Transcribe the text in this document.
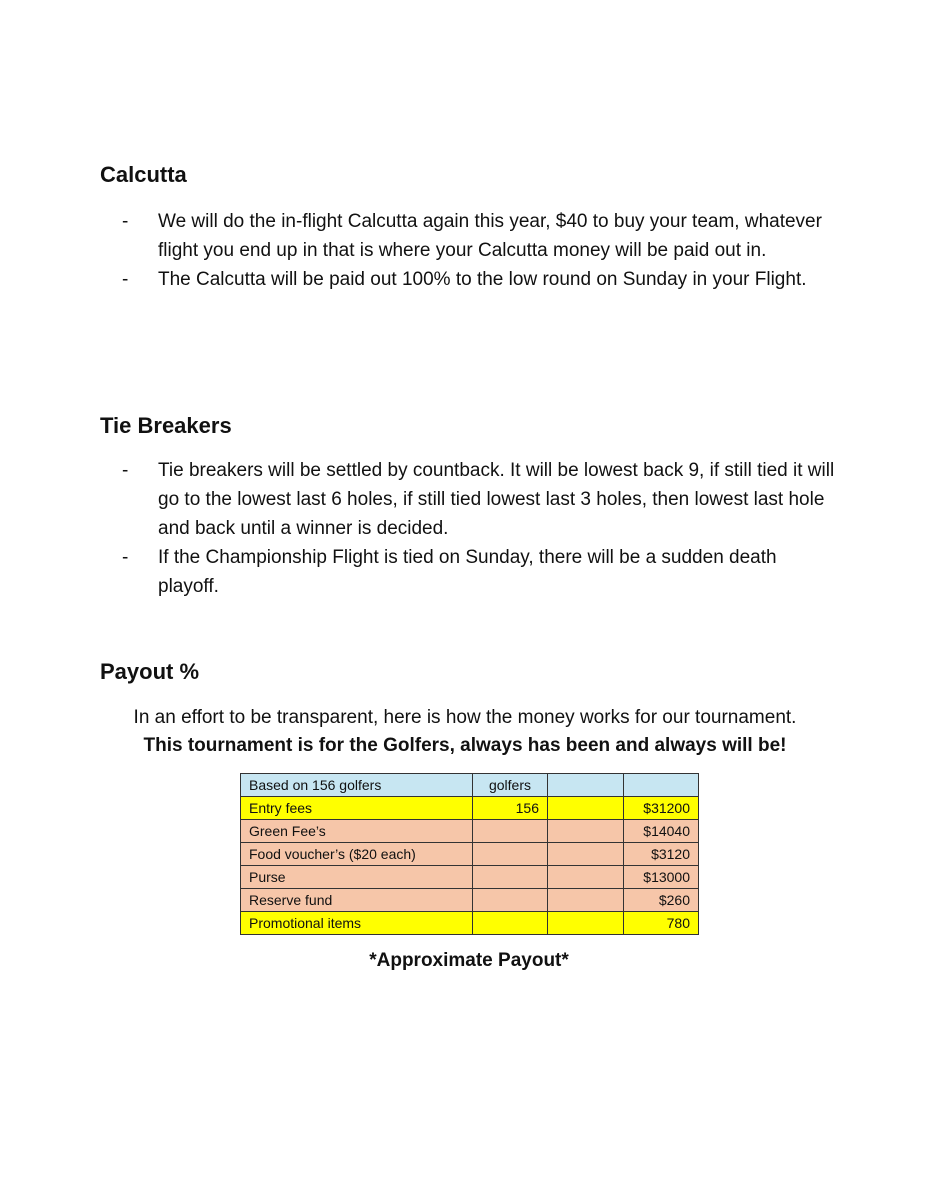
Calcutta
-	We will do the in-flight Calcutta again this year, $40 to buy your team, whatever flight you end up in that is where your Calcutta money will be paid out in.
-	The Calcutta will be paid out 100% to the low round on Sunday in your Flight.
Tie Breakers
-	Tie breakers will be settled by countback. It will be lowest back 9, if still tied it will go to the lowest last 6 holes, if still tied lowest last 3 holes, then lowest last hole and back until a winner is decided.
-	If the Championship Flight is tied on Sunday, there will be a sudden death playoff.
Payout %

In an effort to be transparent, here is how the money works for our tournament.

This tournament is for the Golfers, always has been and always will be!

Based on 156 golfers	golfers		
Entry fees	156		$31200
Green Fee’s			$14040
Food voucher’s ($20 each)			$3120
Purse			$13000
Reserve fund			$260
Promotional items			780

*Approximate Payout*
